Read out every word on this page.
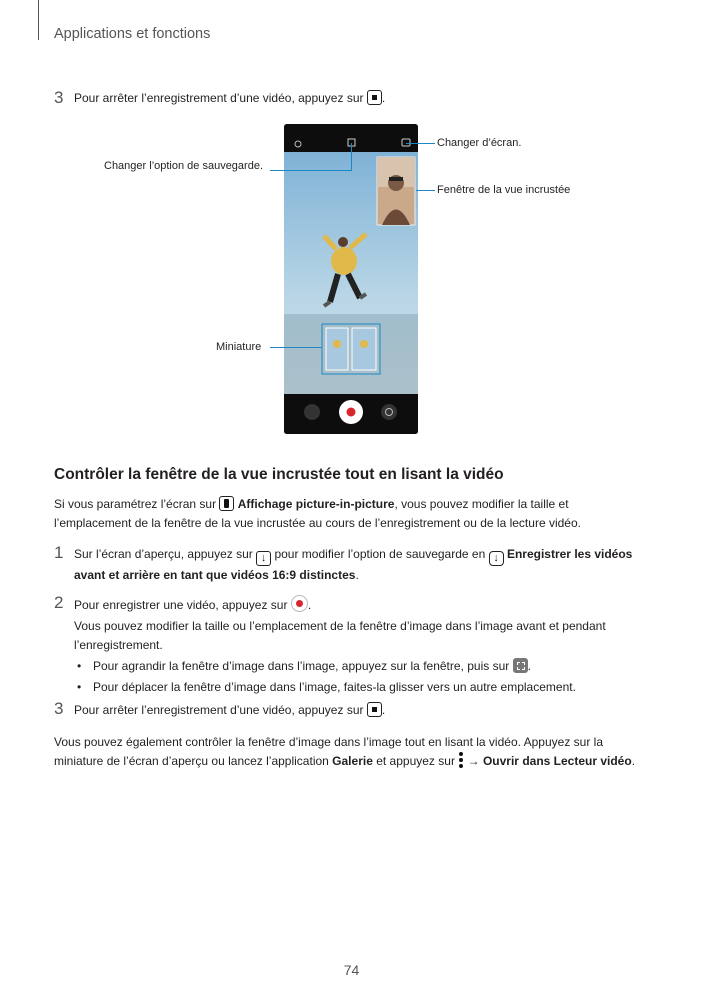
Applications et fonctions
3 Pour arrêter l’enregistrement d’une vidéo, appuyez sur .
Changer d’écran.
Changer l’option de sauvegarde.
Fenêtre de la vue incrustée
Miniature
Contrôler la fenêtre de la vue incrustée tout en lisant la vidéo
Si vous paramétrez l’écran sur Affichage picture-in-picture, vous pouvez modifier la taille et
l’emplacement de la fenêtre de la vue incrustée au cours de l’enregistrement ou de la lecture vidéo.
1 Sur l’écran d’aperçu, appuyez sur ↓ pour modifier l’option de sauvegarde en ↓ Enregistrer les vidéos
avant et arrière en tant que vidéos 16:9 distinctes.
2 Pour enregistrer une vidéo, appuyez sur .
Vous pouvez modifier la taille ou l’emplacement de la fenêtre d’image dans l’image avant et pendant
l’enregistrement.
• Pour agrandir la fenêtre d’image dans l’image, appuyez sur la fenêtre, puis sur .
• Pour déplacer la fenêtre d’image dans l’image, faites-la glisser vers un autre emplacement.
3 Pour arrêter l’enregistrement d’une vidéo, appuyez sur .
Vous pouvez également contrôler la fenêtre d’image dans l’image tout en lisant la vidéo. Appuyez sur la
miniature de l’écran d’aperçu ou lancez l’application Galerie et appuyez sur → Ouvrir dans Lecteur vidéo.
74
